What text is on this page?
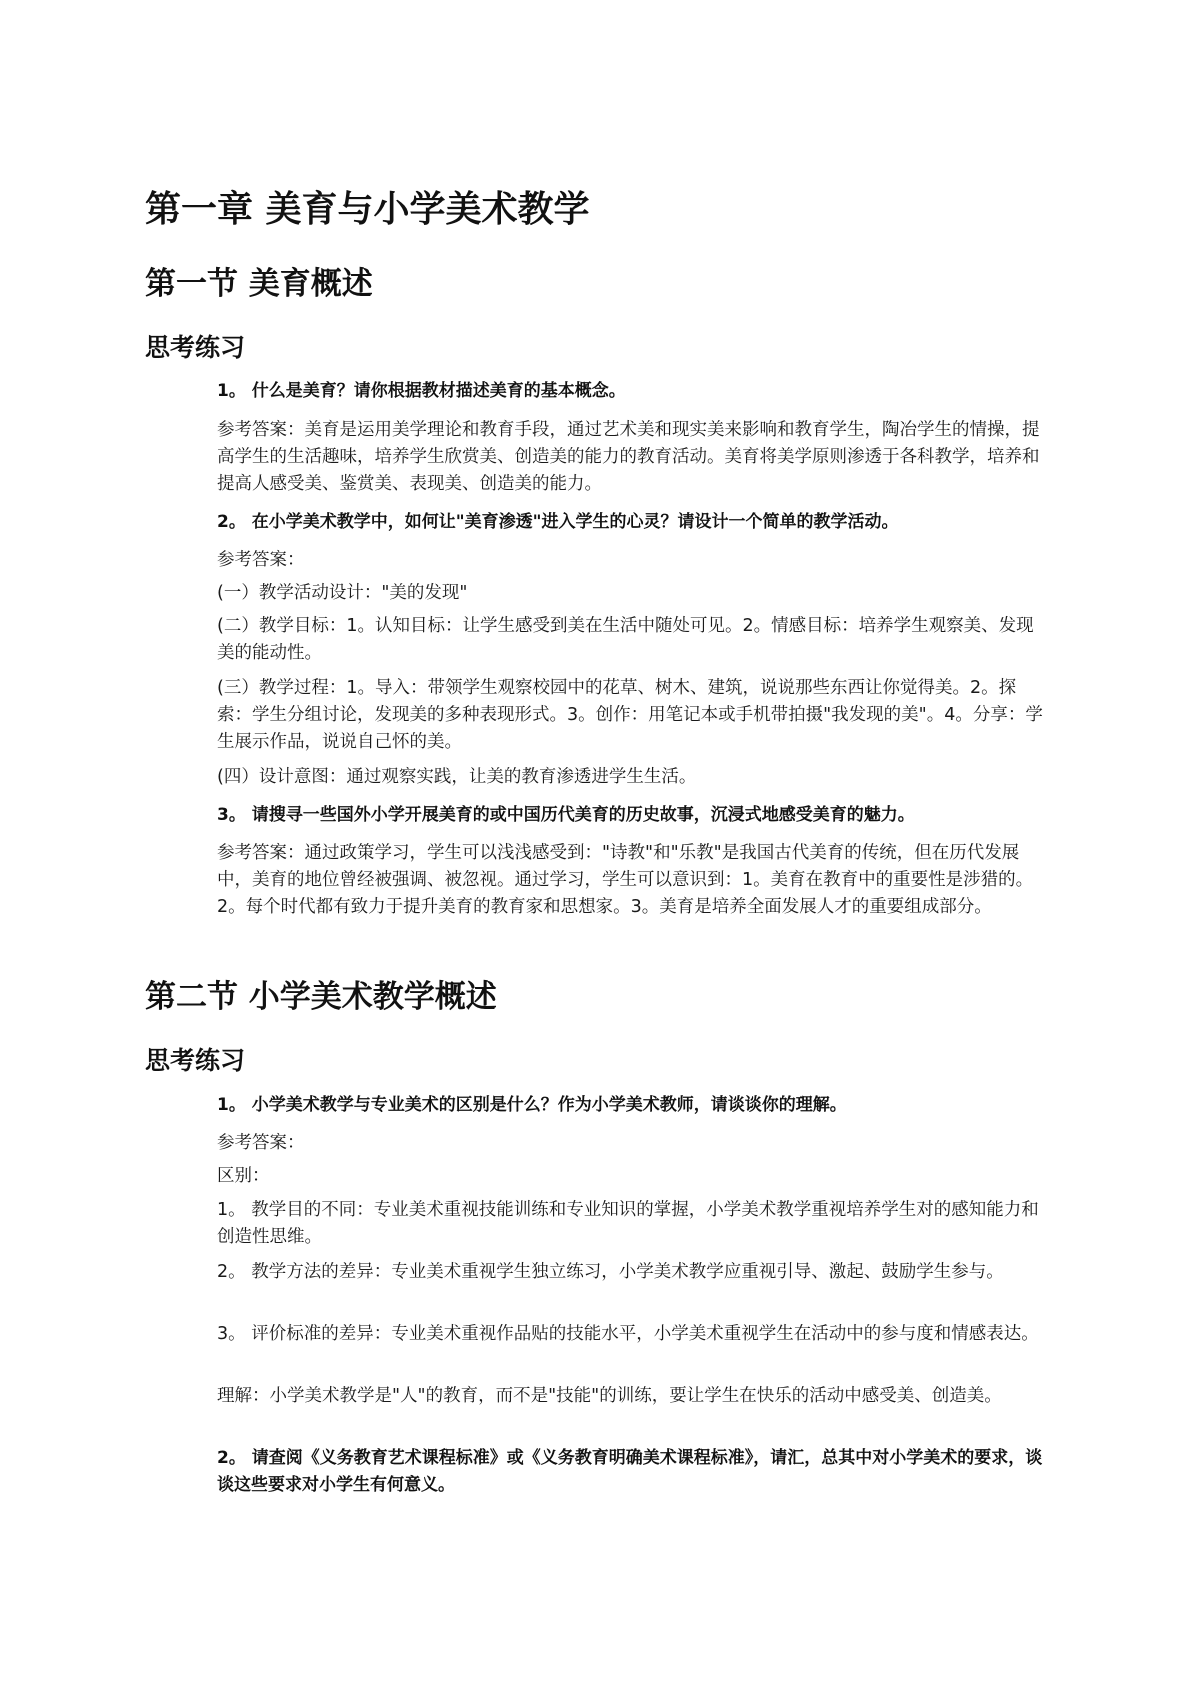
第一章 美育与小学美术教学
第一节 美育概述
思考练习

1。 什么是美育？请你根据教材描述美育的基本概念。

参考答案：美育是运用美学理论和教育手段，通过艺术美和现实美来影响和教育学生，陶冶学生的情操，提高学生的生活趣味，培养学生欣赏美、创造美的能力的教育活动。美育将美学原则渗透于各科教学，培养和提高人感受美、鉴赏美、表现美、创造美的能力。

2。 在小学美术教学中，如何让"美育渗透"进入学生的心灵？请设计一个简单的教学活动。

参考答案：

(一）教学活动设计："美的发现"

(二）教学目标：1。认知目标：让学生感受到美在生活中随处可见。2。情感目标：培养学生观察美、发现美的能动性。

(三）教学过程：1。导入：带领学生观察校园中的花草、树木、建筑，说说那些东西让你觉得美。2。探索：学生分组讨论，发现美的多种表现形式。3。创作：用笔记本或手机带拍摄"我发现的美"。4。分享：学生展示作品，说说自己怀的美。

(四）设计意图：通过观察实践，让美的教育渗透进学生生活。

3。 请搜寻一些国外小学开展美育的或中国历代美育的历史故事，沉浸式地感受美育的魅力。

参考答案：通过政策学习，学生可以浅浅感受到："诗教"和"乐教"是我国古代美育的传统，但在历代发展中，美育的地位曾经被强调、被忽视。通过学习，学生可以意识到：1。美育在教育中的重要性是涉猎的。2。每个时代都有致力于提升美育的教育家和思想家。3。美育是培养全面发展人才的重要组成部分。

第二节 小学美术教学概述
思考练习

1。 小学美术教学与专业美术的区别是什么？作为小学美术教师，请谈谈你的理解。

参考答案：

区别：

1。 教学目的不同：专业美术重视技能训练和专业知识的掌握，小学美术教学重视培养学生对的感知能力和创造性思维。

2。 教学方法的差异：专业美术重视学生独立练习，小学美术教学应重视引导、激起、鼓励学生参与。

3。 评价标准的差异：专业美术重视作品贴的技能水平，小学美术重视学生在活动中的参与度和情感表达。

理解：小学美术教学是"人"的教育，而不是"技能"的训练，要让学生在快乐的活动中感受美、创造美。

2。 请查阅《义务教育艺术课程标准》或《义务教育明确美术课程标准》，请汇，总其中对小学美术的要求，谈谈这些要求对小学生有何意义。
